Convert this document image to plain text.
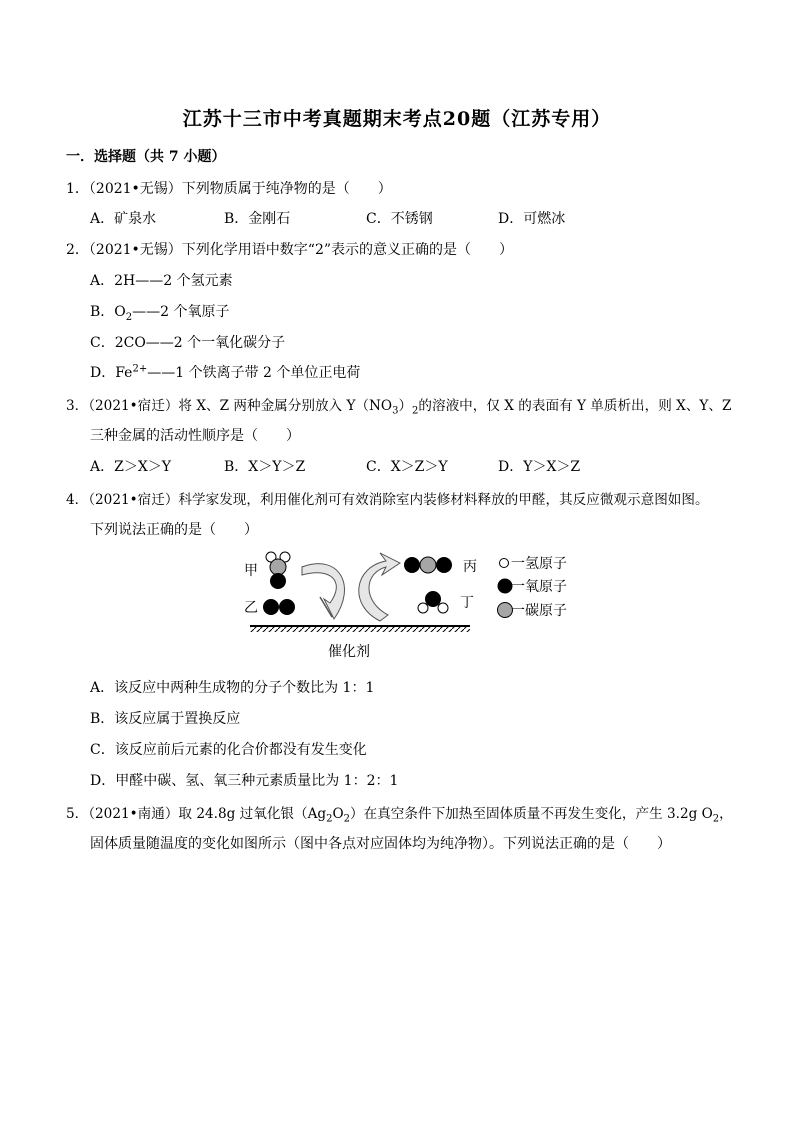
江苏十三市中考真题期末考点20题（江苏专用）
一．选择题（共 7 小题）
1．（2021•无锡）下列物质属于纯净物的是（　　）
A．矿泉水	B．金刚石	C．不锈钢	D．可燃冰
2．（2021•无锡）下列化学用语中数字“2”表示的意义正确的是（　　）
A．2H——2 个氢元素
B．$O_2——2$ 个氧原子
C．2CO——2 个一氧化碳分子
D．$Fe^{2+}——1$ 个铁离子带 2 个单位正电荷
3．（2021•宿迁）将 X、Z 两种金属分别放入 $Y(NO_3)_2$的溶液中，仅 X 的表面有 Y 单质析出，则 X、Y、Z
三种金属的活动性顺序是（　　）
A．Z＞X＞Y	B．X＞Y＞Z	C．X＞Z＞Y	D．Y＞X＞Z
4．（2021•宿迁）科学家发现，利用催化剂可有效消除室内装修材料释放的甲醛，其反应微观示意图如图。
下列说法正确的是（　　）
甲
乙
丙
丁
催化剂
一氢原子
一氧原子
一碳原子
A．该反应中两种生成物的分子个数比为 1：1
B．该反应属于置换反应
C．该反应前后元素的化合价都没有发生变化
D．甲醛中碳、氢、氧三种元素质量比为 1：2：1
5．（2021•南通）取 24.8g 过氧化银$(Ag_2O_2)$在真空条件下加热至固体质量不再发生变化，产生 3.2g $O_2$，
固体质量随温度的变化如图所示（图中各点对应固体均为纯净物）。下列说法正确的是（　　）
